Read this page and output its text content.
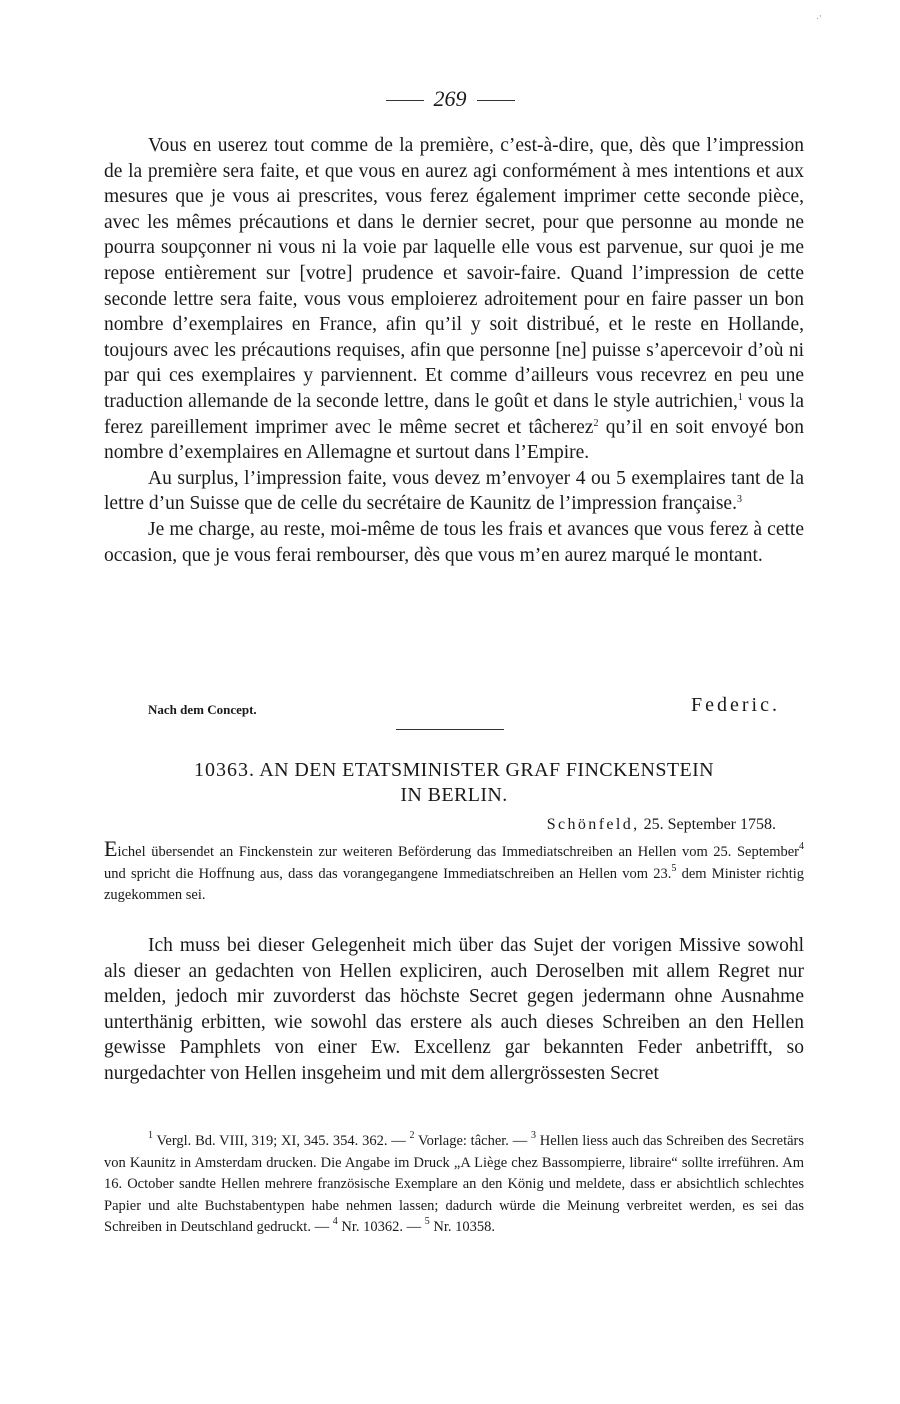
·'
269

Vous en userez tout comme de la première, c’est-à-dire, que, dès que l’impression de la première sera faite, et que vous en aurez agi conformément à mes intentions et aux mesures que je vous ai prescrites, vous ferez également imprimer cette seconde pièce, avec les mêmes précautions et dans le dernier secret, pour que personne au monde ne pourra soupçonner ni vous ni la voie par laquelle elle vous est parvenue, sur quoi je me repose entièrement sur [votre] prudence et savoir-faire. Quand l’impression de cette seconde lettre sera faite, vous vous emploierez adroitement pour en faire passer un bon nombre d’exemplaires en France, afin qu’il y soit distribué, et le reste en Hollande, toujours avec les précautions requises, afin que personne [ne] puisse s’apercevoir d’où ni par qui ces exemplaires y parviennent. Et comme d’ailleurs vous recevrez en peu une traduction allemande de la seconde lettre, dans le goût et dans le style autrichien,$^1$ vous la ferez pareillement imprimer avec le même secret et tâcherez$^2$ qu’il en soit envoyé bon nombre d’exemplaires en Allemagne et surtout dans l’Empire.

Au surplus, l’impression faite, vous devez m’envoyer 4 ou 5 exemplaires tant de la lettre d’un Suisse que de celle du secrétaire de Kaunitz de l’impression française.$^3$

Je me charge, au reste, moi-même de tous les frais et avances que vous ferez à cette occasion, que je vous ferai rembourser, dès que vous m’en aurez marqué le montant.

Nach dem Concept.	Federic.
10363. AN DEN ETATSMINISTER GRAF FINCKENSTEIN
IN BERLIN.
Schönfeld, 25. September 1758.
Eichel übersendet an Finckenstein zur weiteren Beförderung das Immediatschreiben an Hellen vom 25. September$^4$ und spricht die Hoffnung aus, dass das vorangegangene Immediatschreiben an Hellen vom 23.$^5$ dem Minister richtig zugekommen sei.

Ich muss bei dieser Gelegenheit mich über das Sujet der vorigen Missive sowohl als dieser an gedachten von Hellen expliciren, auch Deroselben mit allem Regret nur melden, jedoch mir zuvorderst das höchste Secret gegen jedermann ohne Ausnahme unterthänig erbitten, wie sowohl das erstere als auch dieses Schreiben an den Hellen gewisse Pamphlets von einer Ew. Excellenz gar bekannten Feder anbetrifft, so nurgedachter von Hellen insgeheim und mit dem allergrössesten Secret

$^1$ Vergl. Bd. VIII, 319; XI, 345. 354. 362. — $^2$ Vorlage: tâcher. — $^3$ Hellen liess auch das Schreiben des Secretärs von Kaunitz in Amsterdam drucken. Die Angabe im Druck „A Liège chez Bassompierre, libraire“ sollte irreführen. Am 16. October sandte Hellen mehrere französische Exemplare an den König und meldete, dass er absichtlich schlechtes Papier und alte Buchstabentypen habe nehmen lassen; dadurch würde die Meinung verbreitet werden, es sei das Schreiben in Deutschland gedruckt. — $^4$ Nr. 10362. — $^5$ Nr. 10358.
